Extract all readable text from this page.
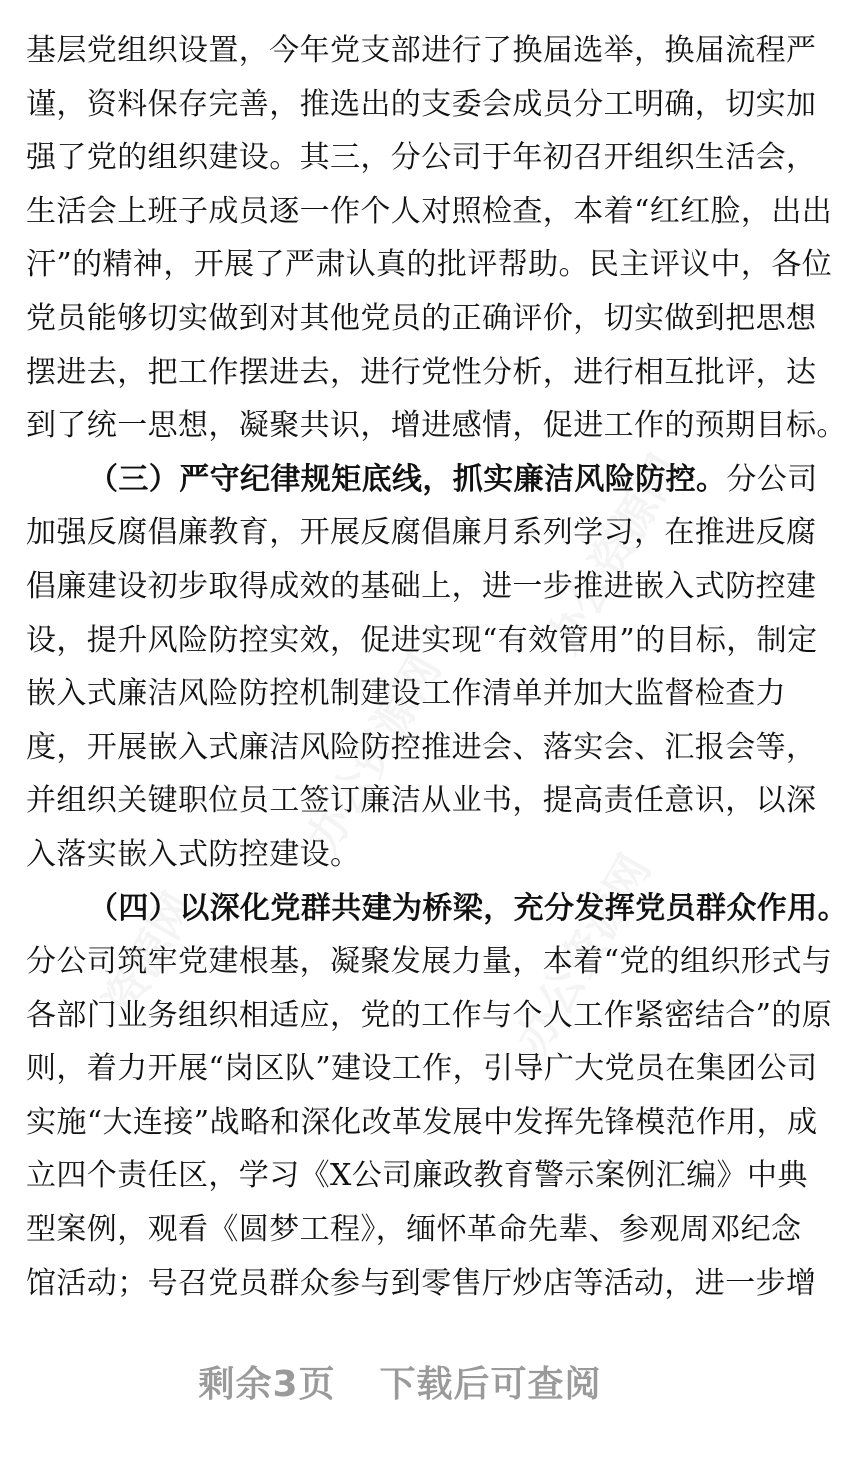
办公资源网
办公资源网
资源网	办公资源网
基层党组织设置，今年党支部进行了换届选举，换届流程严
谨，资料保存完善，推选出的支委会成员分工明确，切实加
强了党的组织建设。其三，分公司于年初召开组织生活会，
生活会上班子成员逐一作个人对照检查，本着“红红脸，出出
汗”的精神，开展了严肃认真的批评帮助。民主评议中，各位
党员能够切实做到对其他党员的正确评价，切实做到把思想
摆进去，把工作摆进去，进行党性分析，进行相互批评，达
到了统一思想，凝聚共识，增进感情，促进工作的预期目标。
（三）严守纪律规矩底线，抓实廉洁风险防控。分公司
加强反腐倡廉教育，开展反腐倡廉月系列学习，在推进反腐
倡廉建设初步取得成效的基础上，进一步推进嵌入式防控建
设，提升风险防控实效，促进实现“有效管用”的目标，制定
嵌入式廉洁风险防控机制建设工作清单并加大监督检查力
度，开展嵌入式廉洁风险防控推进会、落实会、汇报会等，
并组织关键职位员工签订廉洁从业书，提高责任意识，以深
入落实嵌入式防控建设。
（四）以深化党群共建为桥梁，充分发挥党员群众作用。
分公司筑牢党建根基，凝聚发展力量，本着“党的组织形式与
各部门业务组织相适应，党的工作与个人工作紧密结合”的原
则，着力开展“岗区队”建设工作，引导广大党员在集团公司
实施“大连接”战略和深化改革发展中发挥先锋模范作用，成
立四个责任区，学习《X公司廉政教育警示案例汇编》中典
型案例，观看《圆梦工程》，缅怀革命先辈、参观周邓纪念
馆活动；号召党员群众参与到零售厅炒店等活动，进一步增
剩余3页 下载后可查阅
